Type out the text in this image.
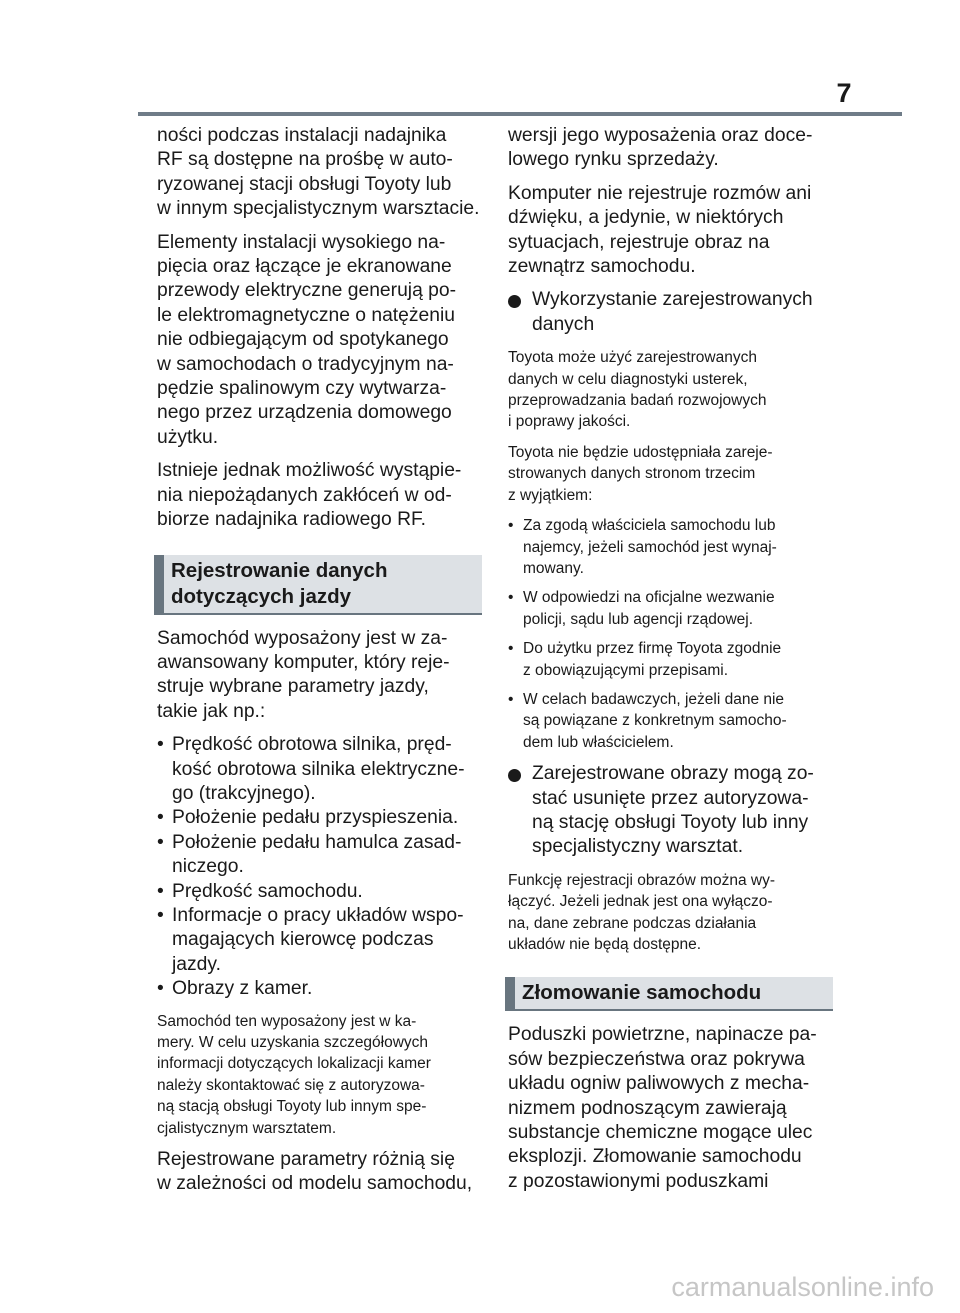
7

ności podczas instalacji nadajnika
RF są dostępne na prośbę w auto-
ryzowanej stacji obsługi Toyoty lub
w innym specjalistycznym warsztacie.

Elementy instalacji wysokiego na-
pięcia oraz łączące je ekranowane
przewody elektryczne generują po-
le elektromagnetyczne o natężeniu
nie odbiegającym od spotykanego
w samochodach o tradycyjnym na-
pędzie spalinowym czy wytwarza-
nego przez urządzenia domowego
użytku.

Istnieje jednak możliwość wystąpie-
nia niepożądanych zakłóceń w od-
biorze nadajnika radiowego RF.

Rejestrowanie danych
dotyczących jazdy

Samochód wyposażony jest w za-
awansowany komputer, który reje-
struje wybrane parametry jazdy,
takie jak np.:

• Prędkość obrotowa silnika, pręd-
kość obrotowa silnika elektryczne-
go (trakcyjnego).
• Położenie pedału przyspieszenia.
• Położenie pedału hamulca zasad-
niczego.
• Prędkość samochodu.
• Informacje o pracy układów wspo-
magających kierowcę podczas
jazdy.
• Obrazy z kamer.

Samochód ten wyposażony jest w ka-
mery. W celu uzyskania szczegółowych
informacji dotyczących lokalizacji kamer
należy skontaktować się z autoryzowa-
ną stacją obsługi Toyoty lub innym spe-
cjalistycznym warsztatem.

Rejestrowane parametry różnią się
w zależności od modelu samochodu,

wersji jego wyposażenia oraz doce-
lowego rynku sprzedaży.

Komputer nie rejestruje rozmów ani
dźwięku, a jedynie, w niektórych
sytuacjach, rejestruje obraz na
zewnątrz samochodu.

Wykorzystanie zarejestrowanych
danych

Toyota może użyć zarejestrowanych
danych w celu diagnostyki usterek,
przeprowadzania badań rozwojowych
i poprawy jakości.

Toyota nie będzie udostępniała zareje-
strowanych danych stronom trzecim
z wyjątkiem:

• Za zgodą właściciela samochodu lub
najemcy, jeżeli samochód jest wynaj-
mowany.
• W odpowiedzi na oficjalne wezwanie
policji, sądu lub agencji rządowej.
• Do użytku przez firmę Toyota zgodnie
z obowiązującymi przepisami.
• W celach badawczych, jeżeli dane nie
są powiązane z konkretnym samocho-
dem lub właścicielem.
Zarejestrowane obrazy mogą zo-
stać usunięte przez autoryzowa-
ną stację obsługi Toyoty lub inny
specjalistyczny warsztat.

Funkcję rejestracji obrazów można wy-
łączyć. Jeżeli jednak jest ona wyłączo-
na, dane zebrane podczas działania
układów nie będą dostępne.

Złomowanie samochodu

Poduszki powietrzne, napinacze pa-
sów bezpieczeństwa oraz pokrywa
układu ogniw paliwowych z mecha-
nizmem podnoszącym zawierają
substancje chemiczne mogące ulec
eksplozji. Złomowanie samochodu
z pozostawionymi poduszkami

carmanualsonline.info
